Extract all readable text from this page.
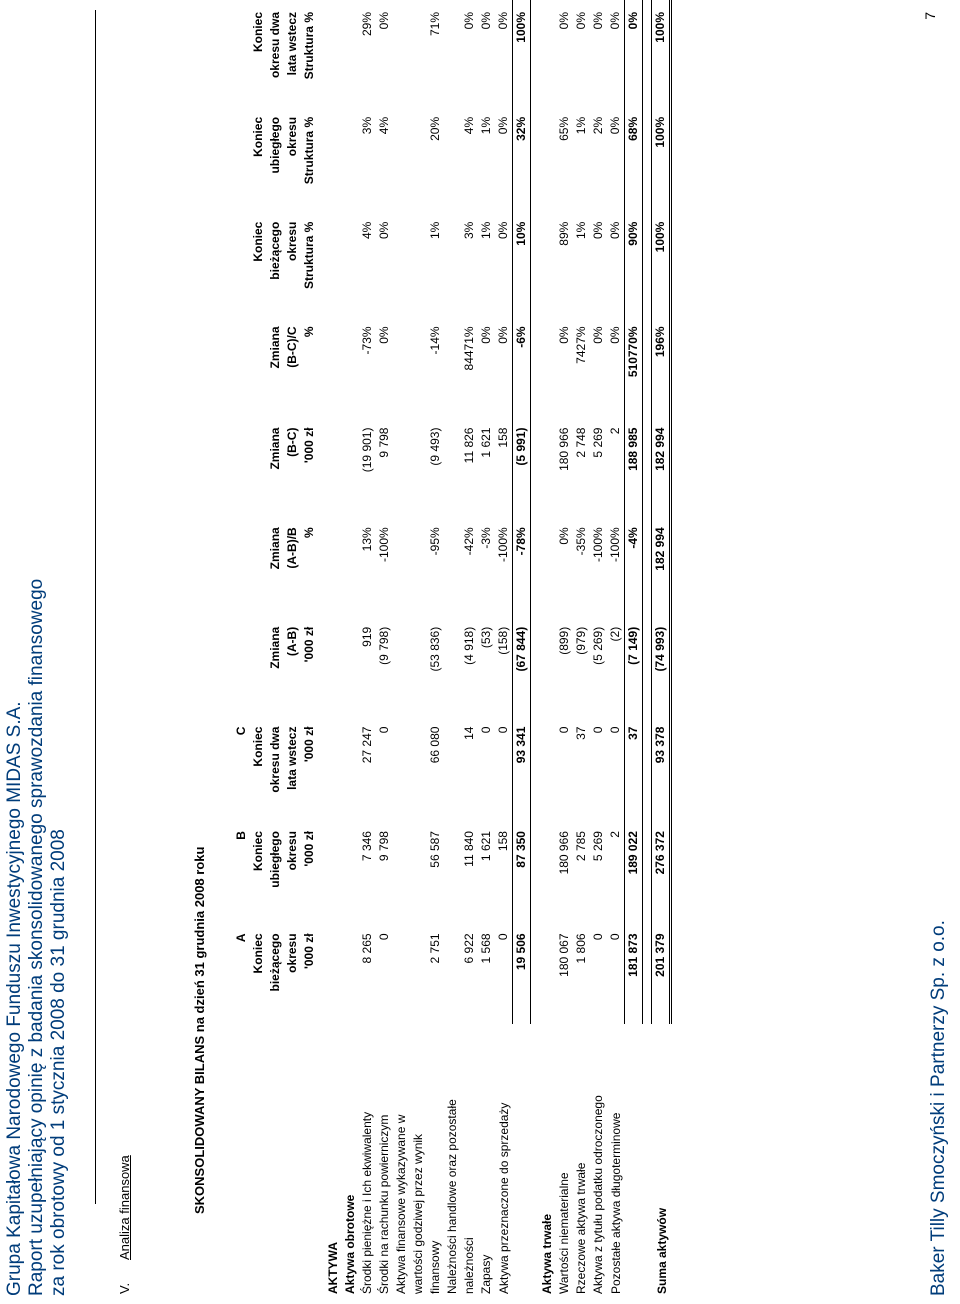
Grupa Kapitałowa Narodowego Funduszu Inwestycyjnego MIDAS S.A. Raport uzupełniający opinię z badania skonsolidowanego sprawozdania finansowego za rok obrotowy od 1 stycznia 2008 do 31 grudnia 2008	V.
Analiza finansowa	SKONSOLIDOWANY BILANS na dzień 31 grudnia 2008 roku
	A	B	C							
	Koniec	Koniec	Koniec					Koniec	Koniec	Koniec
	bieżącego	ubiegłego	okresu dwa	Zmiana	Zmiana	Zmiana	Zmiana	bieżącego	ubiegłego	okresu dwa
	okresu	okresu	lata wstecz	(A-B)	(A-B)/B	(B-C)	(B-C)/C	okresu	okresu	lata wstecz
	'000 zł	'000 zł	'000 zł	'000 zł	%	'000 zł	%	Struktura %	Struktura %	Struktura %

AKTYWA										
Aktywa obrotowe										
Środki pieniężne i Ich ekwiwalenty	8 265	7 346	27 247	919	13%	(19 901)	-73%	4%	3%	29%
Środki na rachunku powierniczym	0	9 798	0	(9 798)	-100%	9 798	0%	0%	4%	0%
Aktywa finansowe wykazywane w										
wartości godziwej przez wynik										
finansowy	2 751	56 587	66 080	(53 836)	-95%	(9 493)	-14%	1%	20%	71%
Należności handlowe oraz pozostałe										
należności	6 922	11 840	14	(4 918)	-42%	11 826	84471%	3%	4%	0%
Zapasy	1 568	1 621	0	(53)	-3%	1 621	0%	1%	1%	0%
Aktywa przeznaczone do sprzedaży	0	158	0	(158)	-100%	158	0%	0%	0%	0%
	19 506	87 350	93 341	(67 844)	-78%	(5 991)	-6%	10%	32%	100%

Aktywa trwałe										
Wartości niematerialne	180 067	180 966	0	(899)	0%	180 966	0%	89%	65%	0%
Rzeczowe aktywa trwałe	1 806	2 785	37	(979)	-35%	2 748	7427%	1%	1%	0%
Aktywa z tytułu podatku odroczonego	0	5 269	0	(5 269)	-100%	5 269	0%	0%	2%	0%
Pozostałe aktywa długoterminowe	0	2	0	(2)	-100%	2	0%	0%	0%	0%
	181 873	189 022	37	(7 149)	-4%	188 985	510770%	90%	68%	0%

Suma aktywów	201 379	276 372	93 378	(74 993)	182 994	182 994	196%	100%	100%	100%
Baker Tilly Smoczyński i Partnerzy Sp. z o.o.
7
